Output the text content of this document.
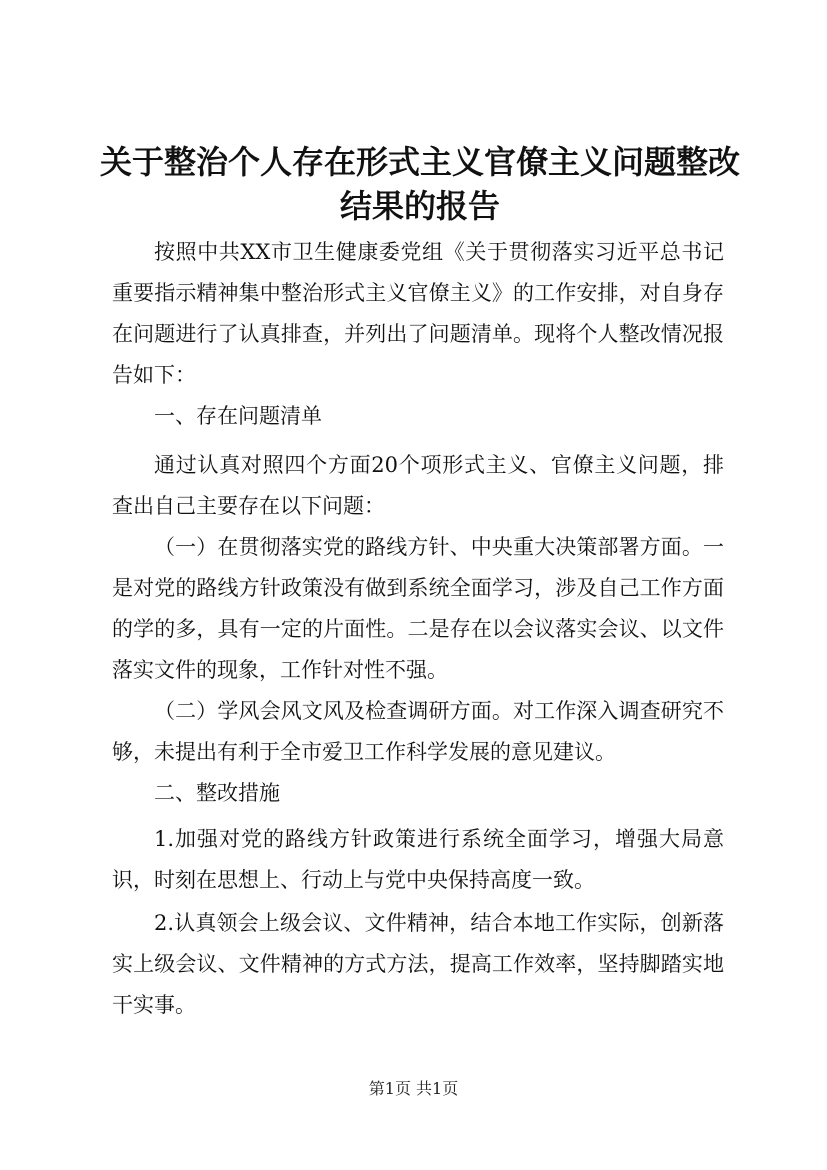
关于整治个人存在形式主义官僚主义问题整改结果的报告

按照中共XX市卫生健康委党组《关于贯彻落实习近平总书记重要指示精神集中整治形式主义官僚主义》的工作安排，对自身存在问题进行了认真排查，并列出了问题清单。现将个人整改情况报告如下：

一、存在问题清单

通过认真对照四个方面20个项形式主义、官僚主义问题，排查出自己主要存在以下问题：

（一）在贯彻落实党的路线方针、中央重大决策部署方面。一是对党的路线方针政策没有做到系统全面学习，涉及自己工作方面的学的多，具有一定的片面性。二是存在以会议落实会议、以文件落实文件的现象，工作针对性不强。

（二）学风会风文风及检查调研方面。对工作深入调查研究不够，未提出有利于全市爱卫工作科学发展的意见建议。

二、整改措施

1.加强对党的路线方针政策进行系统全面学习，增强大局意识，时刻在思想上、行动上与党中央保持高度一致。

2.认真领会上级会议、文件精神，结合本地工作实际，创新落实上级会议、文件精神的方式方法，提高工作效率，坚持脚踏实地干实事。

第1页 共1页
